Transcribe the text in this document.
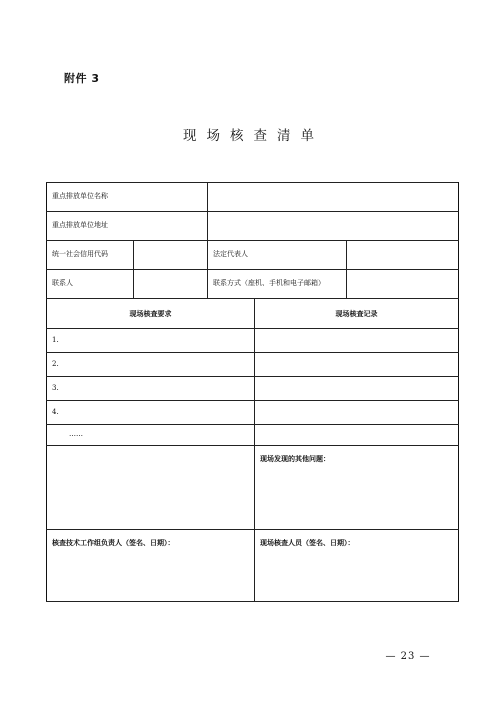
附件 3
现场核查清单
重点排放单位名称				
重点排放单位地址				
统一社会信用代码		法定代表人		
联系人		联系方式（座机、手机和电子邮箱）		
现场核查要求			现场核查记录	
1.				
2.				
3.				
4.				
……				
			现场发现的其他问题：	
核查技术工作组负责人（签名、日期）：			现场核查人员（签名、日期）：	
— 23 —
